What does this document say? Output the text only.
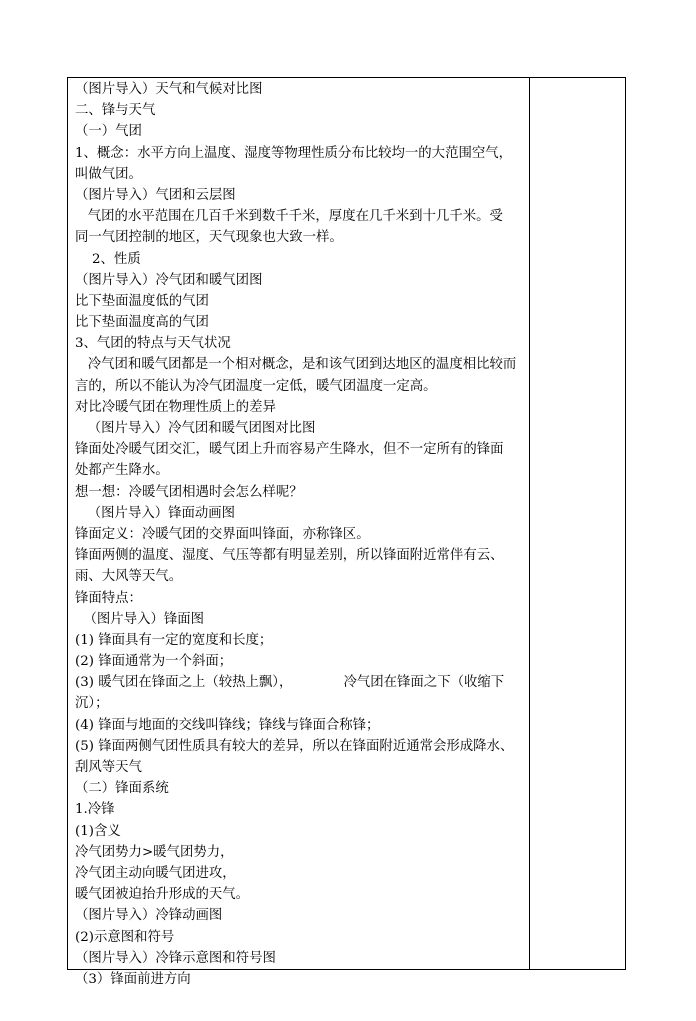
（图片导入）天气和气候对比图
二、锋与天气
（一）气团
1、概念：水平方向上温度、湿度等物理性质分布比较均一的大范围空气，
叫做气团。
（图片导入）气团和云层图
气团的水平范围在几百千米到数千千米，厚度在几千米到十几千米。受
同一气团控制的地区，天气现象也大致一样。
2、性质
（图片导入）冷气团和暖气团图
比下垫面温度低的气团
比下垫面温度高的气团
3、气团的特点与天气状况
冷气团和暖气团都是一个相对概念，是和该气团到达地区的温度相比较而
言的，所以不能认为冷气团温度一定低，暖气团温度一定高。
对比冷暖气团在物理性质上的差异
（图片导入）冷气团和暖气团图对比图
锋面处冷暖气团交汇，暖气团上升而容易产生降水，但不一定所有的锋面
处都产生降水。
想一想：冷暖气团相遇时会怎么样呢？
（图片导入）锋面动画图
锋面定义：冷暖气团的交界面叫锋面，亦称锋区。
锋面两侧的温度、湿度、气压等都有明显差别，所以锋面附近常伴有云、
雨、大风等天气。
锋面特点：
（图片导入）锋面图
(1) 锋面具有一定的宽度和长度；
(2) 锋面通常为一个斜面；
(3) 暖气团在锋面之上（较热上飘），            冷气团在锋面之下（收缩下
沉）；
(4) 锋面与地面的交线叫锋线；锋线与锋面合称锋；
(5) 锋面两侧气团性质具有较大的差异，所以在锋面附近通常会形成降水、
刮风等天气
（二）锋面系统
1.冷锋
(1)含义
冷气团势力>暖气团势力，
冷气团主动向暖气团进攻，
暖气团被迫抬升形成的天气。
（图片导入）冷锋动画图
(2)示意图和符号
（图片导入）冷锋示意图和符号图
（3）锋面前进方向
